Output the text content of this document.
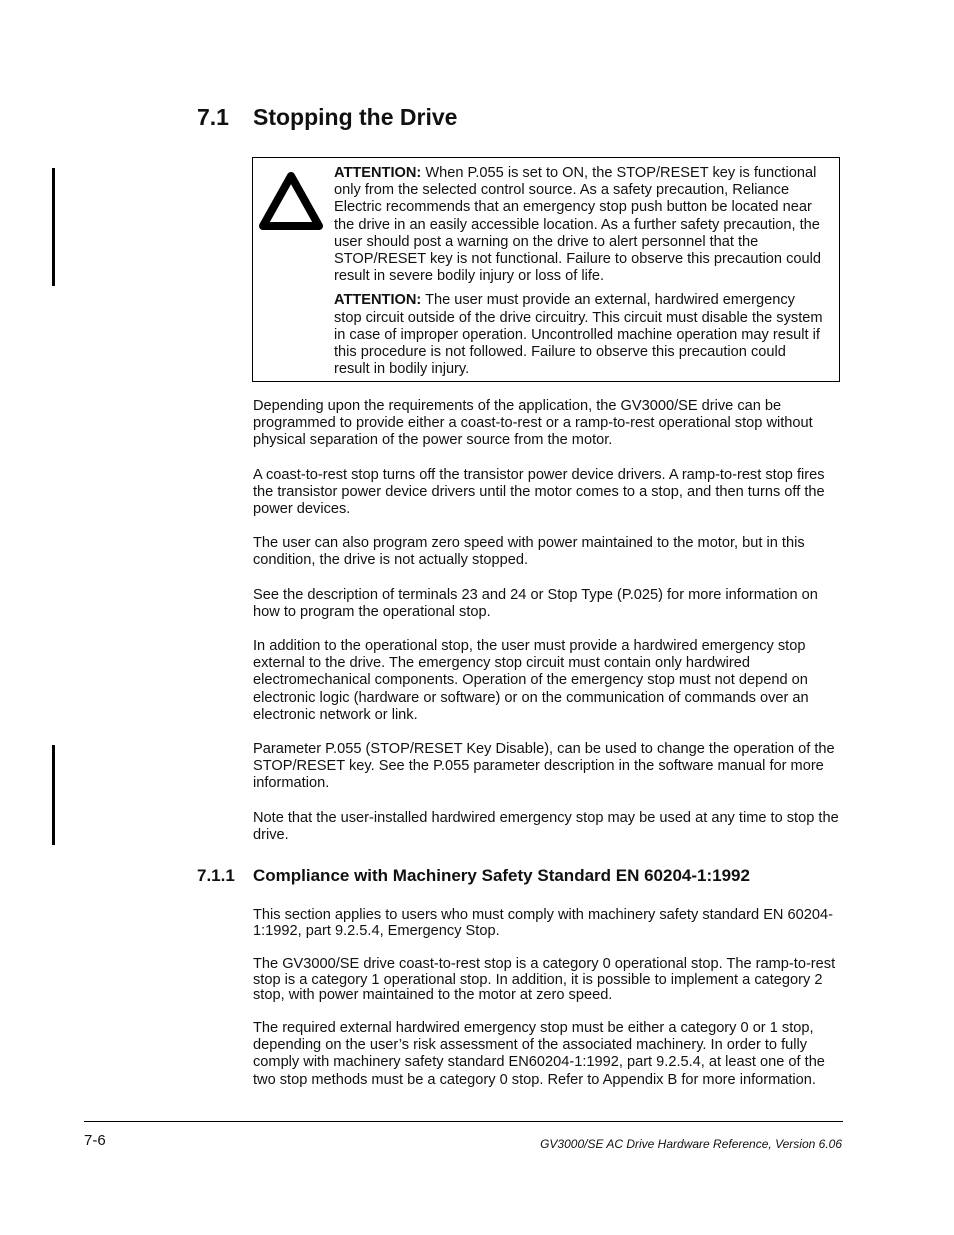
7.1 Stopping the Drive

ATTENTION: When P.055 is set to ON, the STOP/RESET key is functional only from the selected control source. As a safety precaution, Reliance Electric recommends that an emergency stop push button be located near the drive in an easily accessible location. As a further safety precaution, the user should post a warning on the drive to alert personnel that the STOP/RESET key is not functional. Failure to observe this precaution could result in severe bodily injury or loss of life.

ATTENTION: The user must provide an external, hardwired emergency stop circuit outside of the drive circuitry. This circuit must disable the system in case of improper operation. Uncontrolled machine operation may result if this procedure is not followed. Failure to observe this precaution could result in bodily injury.

Depending upon the requirements of the application, the GV3000/SE drive can be programmed to provide either a coast-to-rest or a ramp-to-rest operational stop without physical separation of the power source from the motor.
A coast-to-rest stop turns off the transistor power device drivers. A ramp-to-rest stop fires the transistor power device drivers until the motor comes to a stop, and then turns off the power devices.
The user can also program zero speed with power maintained to the motor, but in this condition, the drive is not actually stopped.
See the description of terminals 23 and 24 or Stop Type (P.025) for more information on how to program the operational stop.
In addition to the operational stop, the user must provide a hardwired emergency stop external to the drive. The emergency stop circuit must contain only hardwired electromechanical components. Operation of the emergency stop must not depend on electronic logic (hardware or software) or on the communication of commands over an electronic network or link.
Parameter P.055 (STOP/RESET Key Disable), can be used to change the operation of the STOP/RESET key. See the P.055 parameter description in the software manual for more information.
Note that the user-installed hardwired emergency stop may be used at any time to stop the drive.
7.1.1 Compliance with Machinery Safety Standard EN 60204-1:1992
This section applies to users who must comply with machinery safety standard EN 60204-1:1992, part 9.2.5.4, Emergency Stop.
The GV3000/SE drive coast-to-rest stop is a category 0 operational stop. The ramp-to-rest stop is a category 1 operational stop. In addition, it is possible to implement a category 2 stop, with power maintained to the motor at zero speed.
The required external hardwired emergency stop must be either a category 0 or 1 stop, depending on the user’s risk assessment of the associated machinery. In order to fully comply with machinery safety standard EN60204-1:1992, part 9.2.5.4, at least one of the two stop methods must be a category 0 stop. Refer to Appendix B for more information.
7-6	GV3000/SE AC Drive Hardware Reference, Version 6.06
